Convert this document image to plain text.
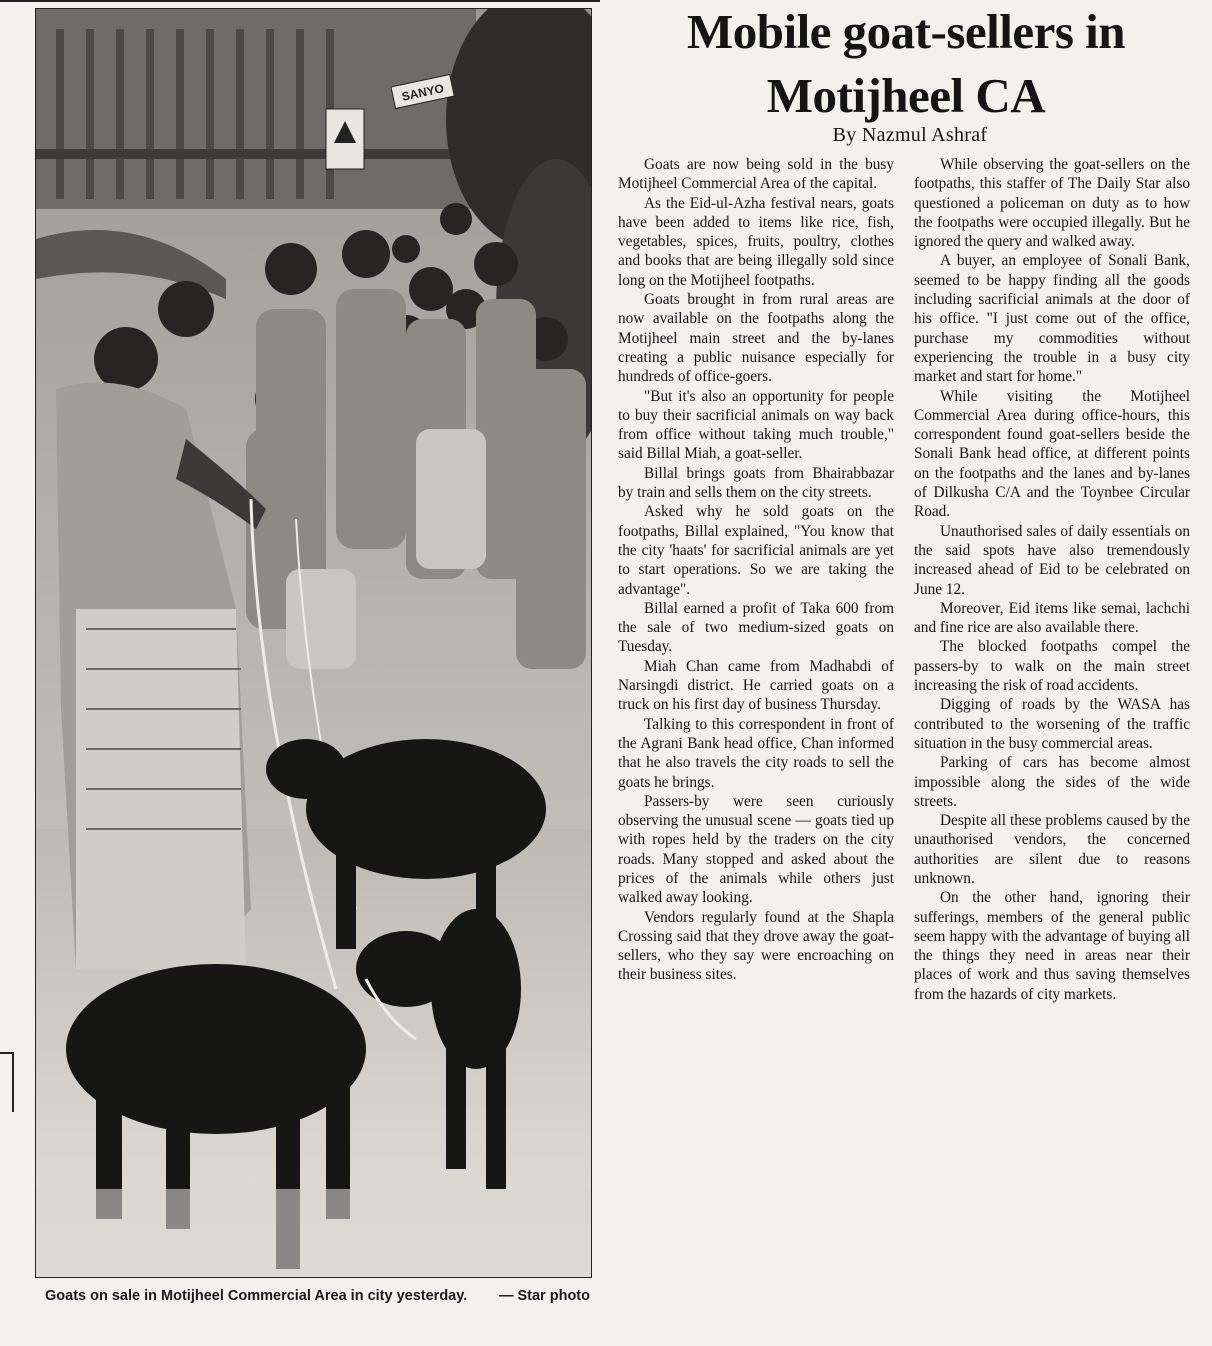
SANYO
Goats on sale in Motijheel Commercial Area in city yesterday. — Star photo
Mobile goat-sellers in
Motijheel CA
By Nazmul Ashraf

Goats are now being sold in the busy Motijheel Commercial Area of the capital.

As the Eid-ul-Azha festival nears, goats have been added to items like rice, fish, vegetables, spices, fruits, poultry, clothes and books that are being illegally sold since long on the Motijheel footpaths.

Goats brought in from rural areas are now available on the footpaths along the Motijheel main street and the by-lanes creating a public nuisance especially for hundreds of office-goers.

"But it's also an opportunity for people to buy their sacrificial animals on way back from office without taking much trouble," said Billal Miah, a goat-seller.

Billal brings goats from Bhairabbazar by train and sells them on the city streets.

Asked why he sold goats on the footpaths, Billal explained, "You know that the city 'haats' for sacrificial animals are yet to start operations. So we are taking the advantage".

Billal earned a profit of Taka 600 from the sale of two medium-sized goats on Tuesday.

Miah Chan came from Madhabdi of Narsingdi district. He carried goats on a truck on his first day of business Thursday.

Talking to this correspondent in front of the Agrani Bank head office, Chan informed that he also travels the city roads to sell the goats he brings.

Passers-by were seen curiously observing the unusual scene — goats tied up with ropes held by the traders on the city roads. Many stopped and asked about the prices of the animals while others just walked away looking.

Vendors regularly found at the Shapla Crossing said that they drove away the goat-sellers, who they say were encroaching on their business sites.

While observing the goat-sellers on the footpaths, this staffer of The Daily Star also questioned a policeman on duty as to how the footpaths were occupied illegally. But he ignored the query and walked away.

A buyer, an employee of Sonali Bank, seemed to be happy finding all the goods including sacrificial animals at the door of his office. "I just come out of the office, purchase my commodities without experiencing the trouble in a busy city market and start for home."

While visiting the Motijheel Commercial Area during office-hours, this correspondent found goat-sellers beside the Sonali Bank head office, at different points on the footpaths and the lanes and by-lanes of Dilkusha C/A and the Toynbee Circular Road.

Unauthorised sales of daily essentials on the said spots have also tremendously increased ahead of Eid to be celebrated on June 12.

Moreover, Eid items like semai, lachchi and fine rice are also available there.

The blocked footpaths compel the passers-by to walk on the main street increasing the risk of road accidents.

Digging of roads by the WASA has contributed to the worsening of the traffic situation in the busy commercial areas.

Parking of cars has become almost impossible along the sides of the wide streets.

Despite all these problems caused by the unauthorised vendors, the concerned authorities are silent due to reasons unknown.

On the other hand, ignoring their sufferings, members of the general public seem happy with the advantage of buying all the things they need in areas near their places of work and thus saving themselves from the hazards of city markets.
